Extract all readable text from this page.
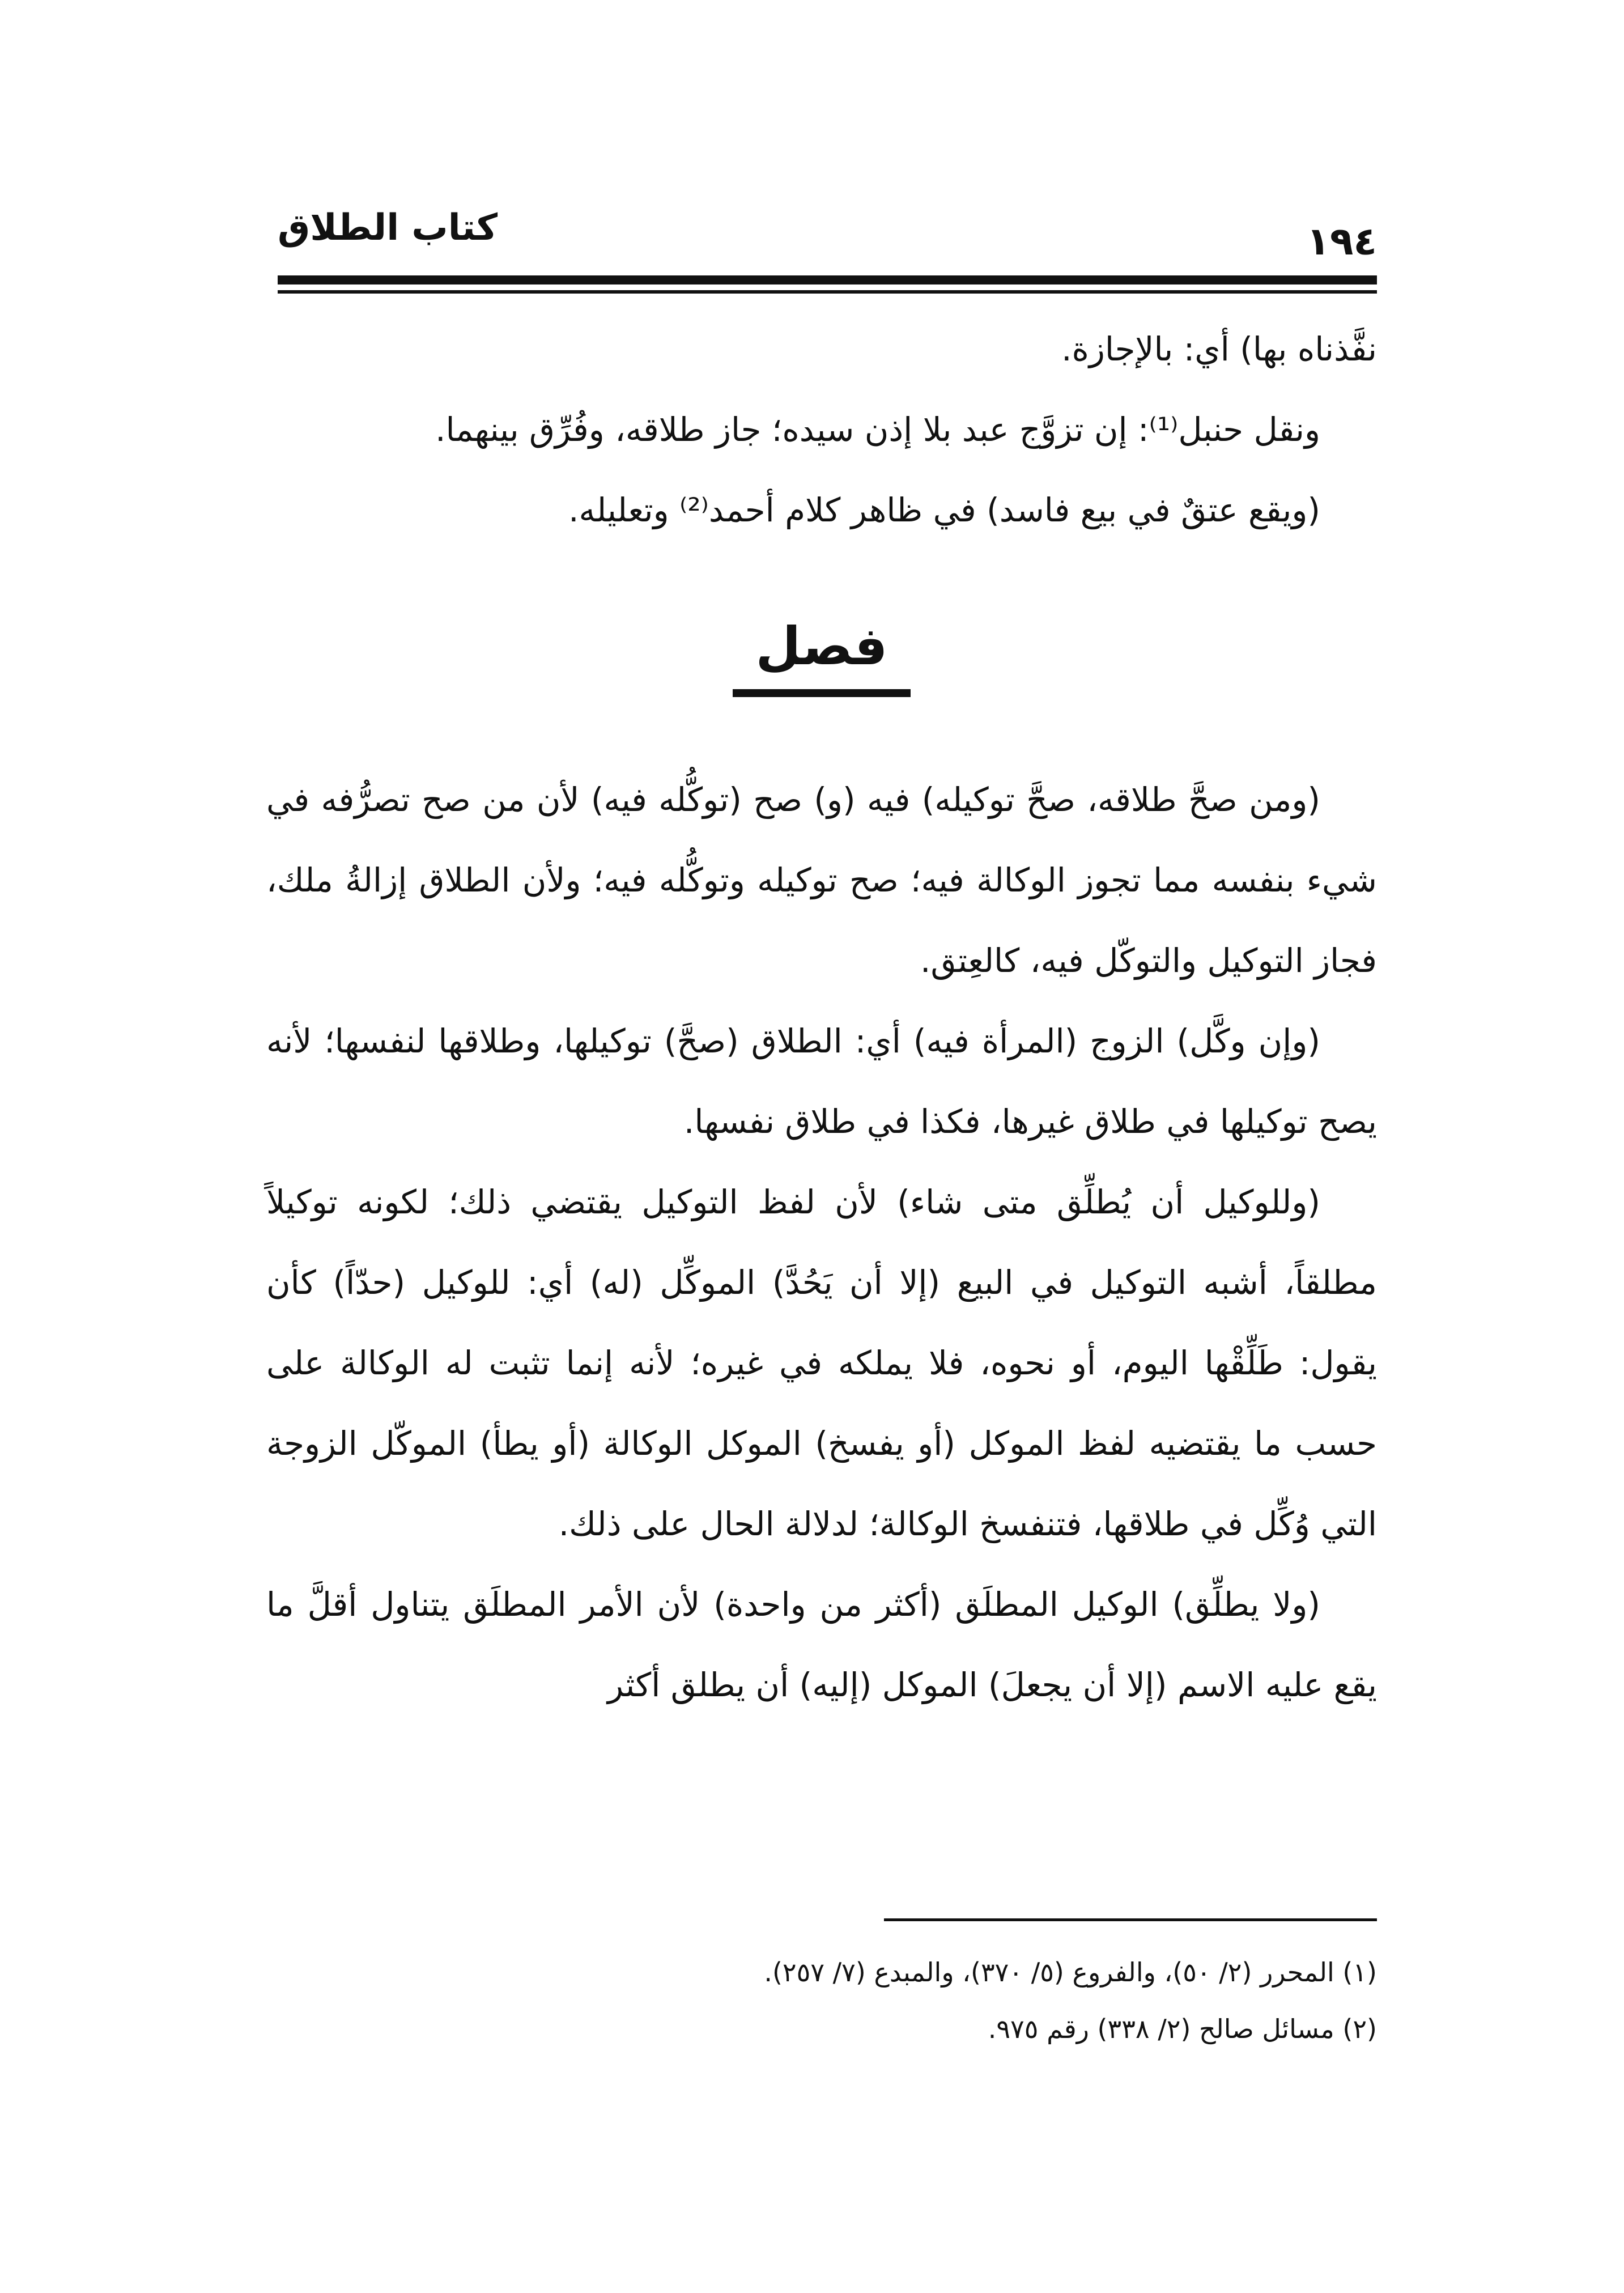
كتاب الطلاق	١٩٤

نفَّذناه بها) أي: بالإجازة.

ونقل حنبل⁽¹⁾: إن تزوَّج عبد بلا إذن سيده؛ جاز طلاقه، وفُرِّق بينهما.

(ويقع عتقٌ في بيع فاسد) في ظاهر كلام أحمد⁽²⁾ وتعليله.

فصل

(ومن صحَّ طلاقه، صحَّ توكيله) فيه (و) صح (توكُّله فيه) لأن من صح تصرُّفه في شيء بنفسه مما تجوز الوكالة فيه؛ صح توكيله وتوكُّله فيه؛ ولأن الطلاق إزالةُ ملك، فجاز التوكيل والتوكّل فيه، كالعِتق.

(وإن وكَّل) الزوج (المرأة فيه) أي: الطلاق (صحَّ) توكيلها، وطلاقها لنفسها؛ لأنه يصح توكيلها في طلاق غيرها، فكذا في طلاق نفسها.

(وللوكيل أن يُطلِّق متى شاء) لأن لفظ التوكيل يقتضي ذلك؛ لكونه توكيلاً مطلقاً، أشبه التوكيل في البيع (إلا أن يَحُدَّ) الموكِّل (له) أي: للوكيل (حدّاً) كأن يقول: طَلِّقْها اليوم، أو نحوه، فلا يملكه في غيره؛ لأنه إنما تثبت له الوكالة على حسب ما يقتضيه لفظ الموكل (أو يفسخ) الموكل الوكالة (أو يطأ) الموكّل الزوجة التي وُكِّل في طلاقها، فتنفسخ الوكالة؛ لدلالة الحال على ذلك.

(ولا يطلِّق) الوكيل المطلَق (أكثر من واحدة) لأن الأمر المطلَق يتناول أقلَّ ما يقع عليه الاسم (إلا أن يجعلَ) الموكل (إليه) أن يطلق أكثر

(١) المحرر (٢/ ٥٠)، والفروع (٥/ ٣٧٠)، والمبدع (٧/ ٢٥٧).

(٢) مسائل صالح (٢/ ٣٣٨) رقم ٩٧٥.
